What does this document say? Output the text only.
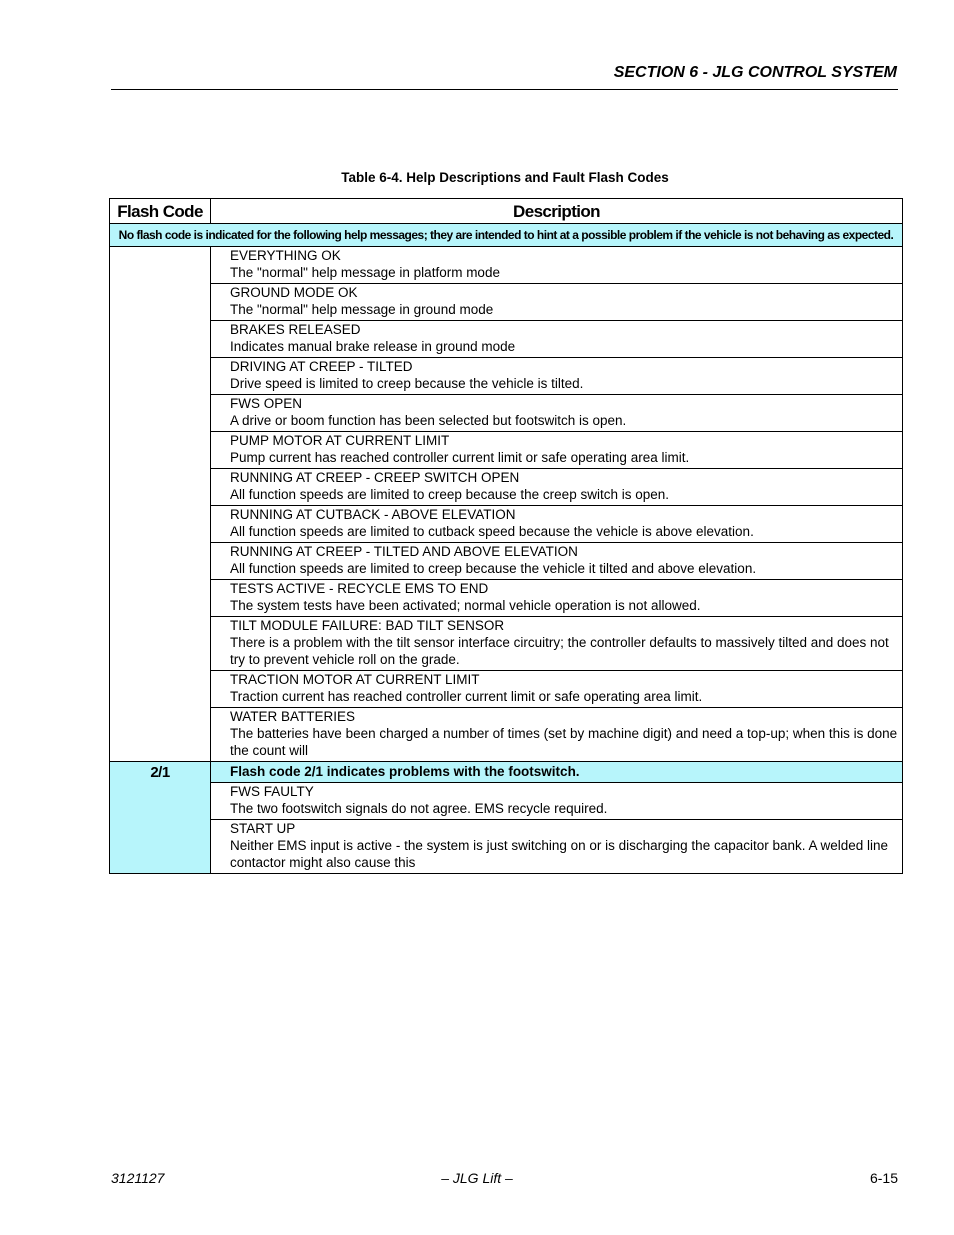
SECTION 6 - JLG CONTROL SYSTEM
Table 6-4. Help Descriptions and Fault Flash Codes
Flash Code	Description
No flash code is indicated for the following help messages; they are intended to hint at a possible problem if the vehicle is not behaving as expected.	

	EVERYTHING OK
The "normal" help message in platform mode

	GROUND MODE OK
The "normal" help message in ground mode

	BRAKES RELEASED
Indicates manual brake release in ground mode

	DRIVING AT CREEP - TILTED
Drive speed is limited to creep because the vehicle is tilted.

	FWS OPEN
A drive or boom function has been selected but footswitch is open.

	PUMP MOTOR AT CURRENT LIMIT
Pump current has reached controller current limit or safe operating area limit.

	RUNNING AT CREEP - CREEP SWITCH OPEN
All function speeds are limited to creep because the creep switch is open.

	RUNNING AT CUTBACK - ABOVE ELEVATION
All function speeds are limited to cutback speed because the vehicle is above elevation.

	RUNNING AT CREEP - TILTED AND ABOVE ELEVATION
All function speeds are limited to creep because the vehicle it tilted and above elevation.

	TESTS ACTIVE - RECYCLE EMS TO END
The system tests have been activated; normal vehicle operation is not allowed.

	TILT MODULE FAILURE: BAD TILT SENSOR
There is a problem with the tilt sensor interface circuitry; the controller defaults to massively tilted and does not try to prevent vehicle roll on the grade.

	TRACTION MOTOR AT CURRENT LIMIT
Traction current has reached controller current limit or safe operating area limit.

	WATER BATTERIES
The batteries have been charged a number of times (set by machine digit) and need a top-up; when this is done the count will

2/1	Flash code 2/1 indicates problems with the footswitch.

	FWS FAULTY
The two footswitch signals do not agree. EMS recycle required.

	START UP
Neither EMS input is active - the system is just switching on or is discharging the capacitor bank. A welded line contactor might also cause this
3121127	– JLG Lift –	6-15
